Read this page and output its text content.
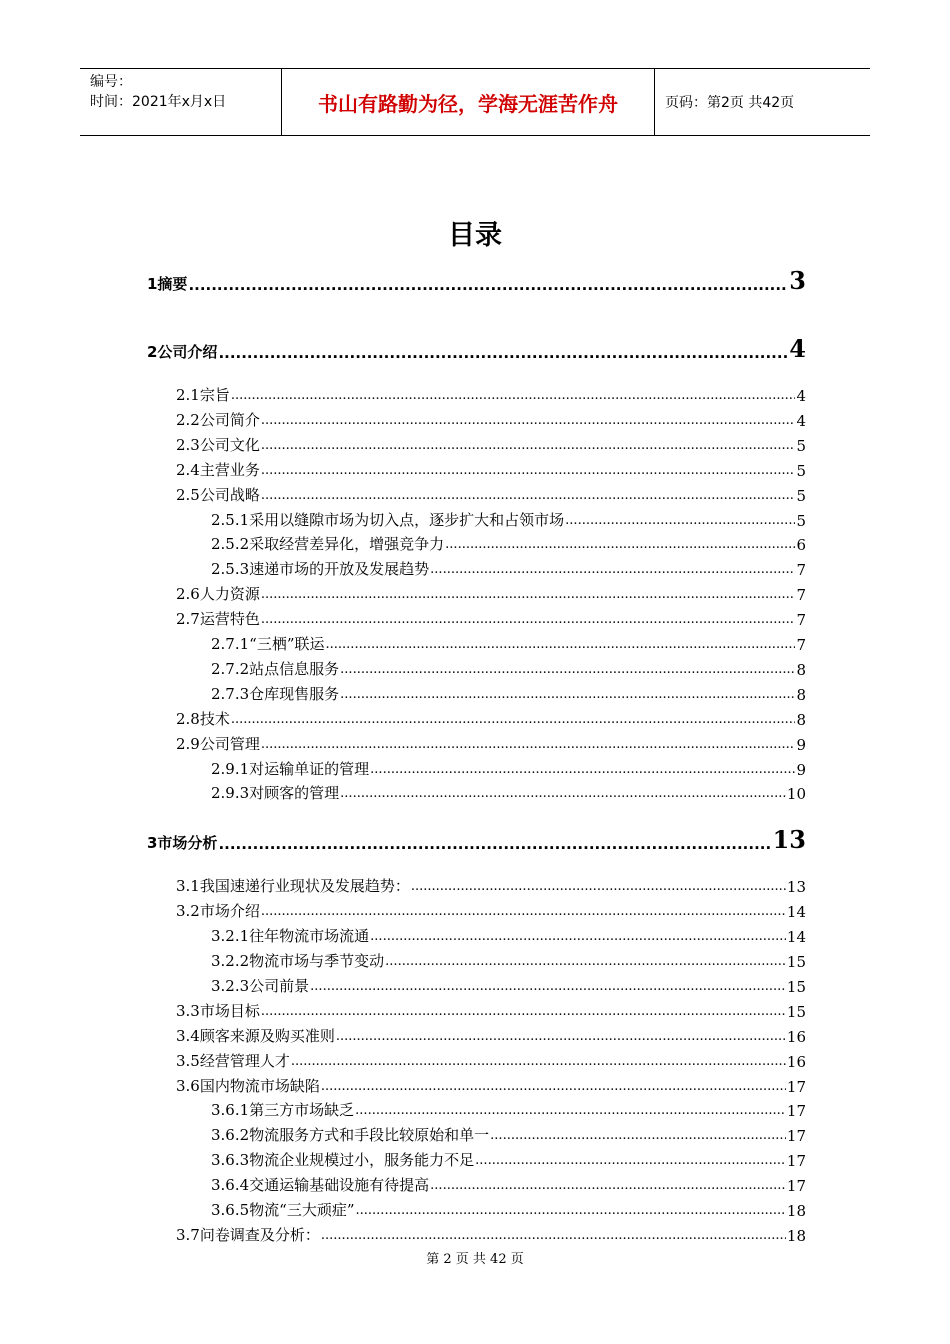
编号：
时间：2021年x月x日	书山有路勤为径，学海无涯苦作舟	页码：第2页 共42页
目录
1摘要 .....	3
2公司介绍 .....	4
2.1宗旨 .....	4
2.2公司简介 .....	4
2.3公司文化 .....	5
2.4主营业务 .....	5
2.5公司战略 .....	5
2.5.1采用以缝隙市场为切入点，逐步扩大和占领市场 .....	5
2.5.2采取经营差异化，增强竞争力 .....	6
2.5.3速递市场的开放及发展趋势 .....	7
2.6人力资源 .....	7
2.7运营特色 .....	7
2.7.1“三栖”联运 .....	7
2.7.2站点信息服务 .....	8
2.7.3仓库现售服务 .....	8
2.8技术 .....	8
2.9公司管理 .....	9
2.9.1对运输单证的管理 .....	9
2.9.3对顾客的管理 .....	10
3市场分析 .....	13
3.1我国速递行业现状及发展趋势： .....	13
3.2市场介绍 .....	14
3.2.1往年物流市场流通 .....	14
3.2.2物流市场与季节变动 .....	15
3.2.3公司前景 .....	15
3.3市场目标 .....	15
3.4顾客来源及购买准则 .....	16
3.5经营管理人才 .....	16
3.6国内物流市场缺陷 .....	17
3.6.1第三方市场缺乏 .....	17
3.6.2物流服务方式和手段比较原始和单一 .....	17
3.6.3物流企业规模过小，服务能力不足 .....	17
3.6.4交通运输基础设施有待提高 .....	17
3.6.5物流“三大顽症” .....	18
3.7问卷调查及分析： .....	18
第 2 页 共 42 页
